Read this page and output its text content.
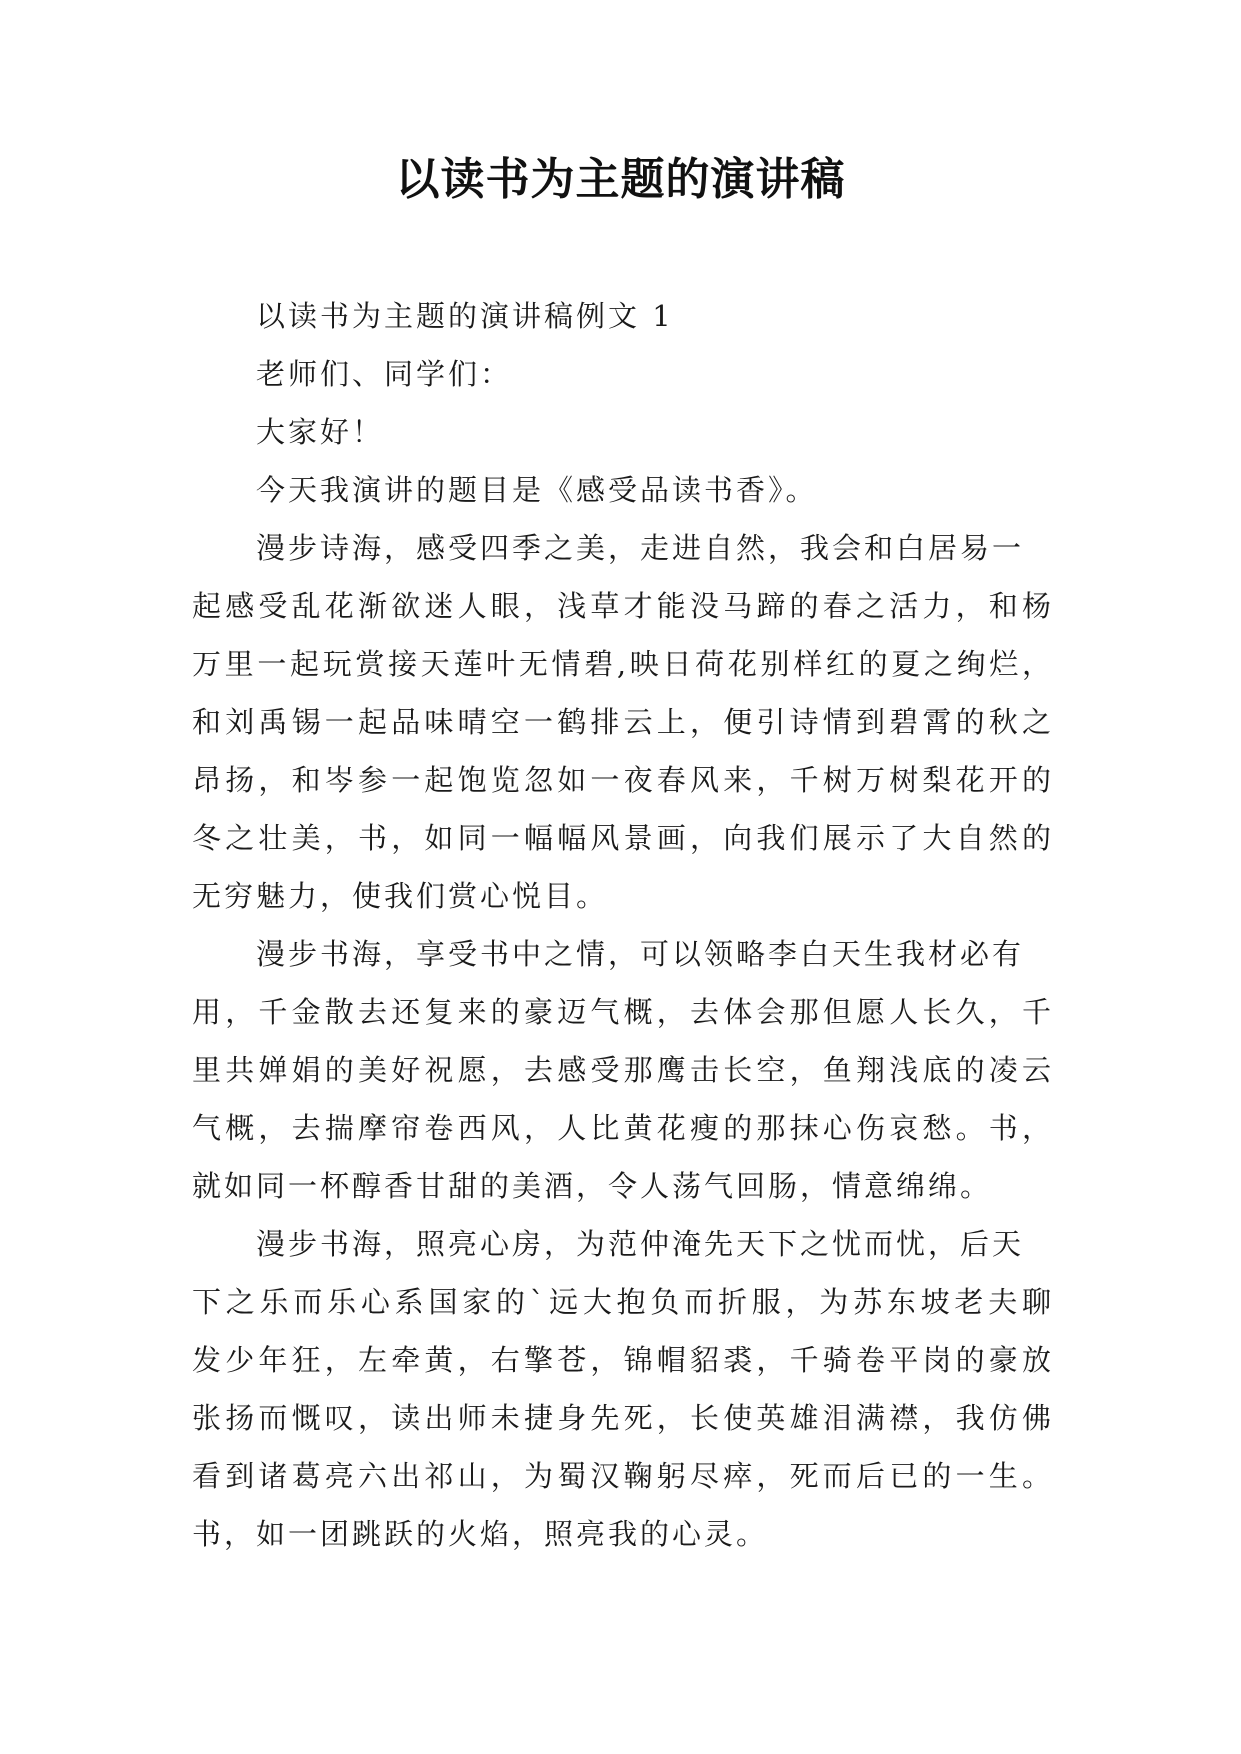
以读书为主题的演讲稿
以读书为主题的演讲稿例文 1
老师们、同学们：
大家好！
今天我演讲的题目是《感受品读书香》。
漫步诗海，感受四季之美，走进自然，我会和白居易一
起感受乱花渐欲迷人眼，浅草才能没马蹄的春之活力，和杨
万里一起玩赏接天莲叶无情碧,映日荷花别样红的夏之绚烂，
和刘禹锡一起品味晴空一鹤排云上，便引诗情到碧霄的秋之
昂扬，和岑参一起饱览忽如一夜春风来，千树万树梨花开的
冬之壮美，书，如同一幅幅风景画，向我们展示了大自然的
无穷魅力，使我们赏心悦目。
漫步书海，享受书中之情，可以领略李白天生我材必有
用，千金散去还复来的豪迈气概，去体会那但愿人长久，千
里共婵娟的美好祝愿，去感受那鹰击长空，鱼翔浅底的凌云
气概，去揣摩帘卷西风，人比黄花瘦的那抹心伤哀愁。书，
就如同一杯醇香甘甜的美酒，令人荡气回肠，情意绵绵。
漫步书海，照亮心房，为范仲淹先天下之忧而忧，后天
下之乐而乐心系国家的`远大抱负而折服，为苏东坡老夫聊
发少年狂，左牵黄，右擎苍，锦帽貂裘，千骑卷平岗的豪放
张扬而慨叹，读出师未捷身先死，长使英雄泪满襟，我仿佛
看到诸葛亮六出祁山，为蜀汉鞠躬尽瘁，死而后已的一生。
书，如一团跳跃的火焰，照亮我的心灵。
